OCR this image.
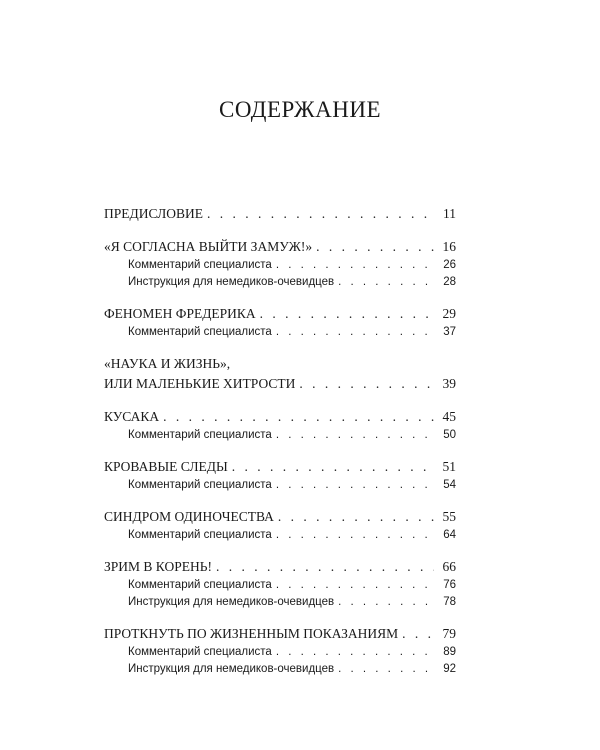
СОДЕРЖАНИЕ
ПРЕДИСЛОВИЕ . . .	11
«Я СОГЛАСНА ВЫЙТИ ЗАМУЖ!» . . .	16
Комментарий специалиста . . .	26
Инструкция для немедиков-очевидцев . . .	28
ФЕНОМЕН ФРЕДЕРИКА . . .	29
Комментарий специалиста . . .	37
«НАУКА И ЖИЗНЬ»,
ИЛИ МАЛЕНЬКИЕ ХИТРОСТИ . . .	39
КУСАКА . . .	45
Комментарий специалиста . . .	50
КРОВАВЫЕ СЛЕДЫ . . .	51
Комментарий специалиста . . .	54
СИНДРОМ ОДИНОЧЕСТВА . . .	55
Комментарий специалиста . . .	64
ЗРИМ В КОРЕНЬ! . . .	66
Комментарий специалиста . . .	76
Инструкция для немедиков-очевидцев . . .	78
ПРОТКНУТЬ ПО ЖИЗНЕННЫМ ПОКАЗАНИЯМ . . .	79
Комментарий специалиста . . .	89
Инструкция для немедиков-очевидцев . . .	92
